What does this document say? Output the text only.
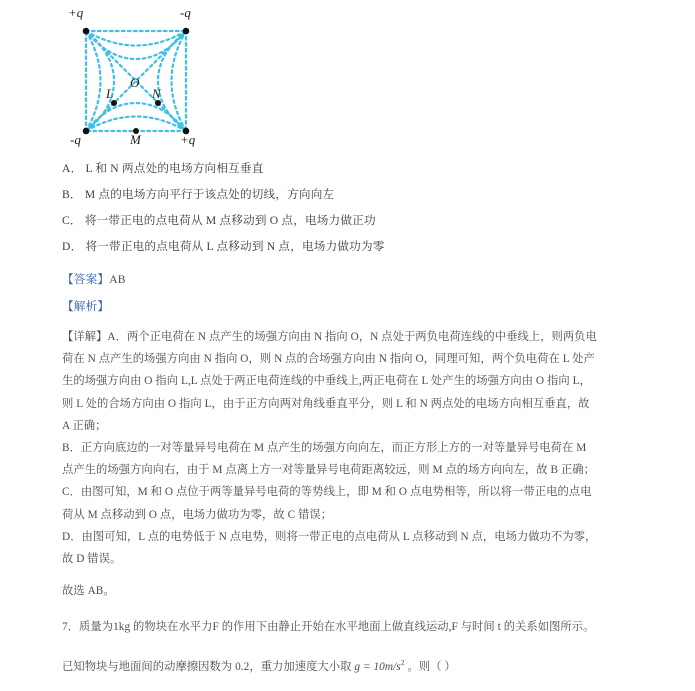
+q	-q
-q	+q
O
L	N
M
A． L 和 N 两点处的电场方向相互垂直
B． M 点的电场方向平行于该点处的切线，方向向左
C． 将一带正电的点电荷从 M 点移动到 O 点，电场力做正功
D． 将一带正电的点电荷从 L 点移动到 N 点，电场力做功为零
【答案】AB
【解析】
【详解】A．两个正电荷在 N 点产生的场强方向由 N 指向 O，N 点处于两负电荷连线的中垂线上，则两负电
荷在 N 点产生的场强方向由 N 指向 O，则 N 点的合场强方向由 N 指向 O，同理可知，两个负电荷在 L 处产
生的场强方向由 O 指向 L,L 点处于两正电荷连线的中垂线上,两正电荷在 L 处产生的场强方向由 O 指向 L，
则 L 处的合场方向由 O 指向 L，由于正方向两对角线垂直平分，则 L 和 N 两点处的电场方向相互垂直，故
A 正确；
B．正方向底边的一对等量异号电荷在 M 点产生的场强方向向左，而正方形上方的一对等量异号电荷在 M
点产生的场强方向向右，由于 M 点离上方一对等量异号电荷距离较远，则 M 点的场方向向左，故 B 正确；
C．由图可知，M 和 O 点位于两等量异号电荷的等势线上，即 M 和 O 点电势相等，所以将一带正电的点电
荷从 M 点移动到 O 点，电场力做功为零，故 C 错误；
D．由图可知，L 点的电势低于 N 点电势，则将一带正电的点电荷从 L 点移动到 N 点，电场力做功不为零，
故 D 错误。
故选 AB。
7．质量为1kg 的物块在水平力F 的作用下由静止开始在水平地面上做直线运动,F 与时间 t 的关系如图所示。
已知物块与地面间的动摩擦因数为 0.2，重力加速度大小取 $g = 10m/s^2$ 。则（ ）
